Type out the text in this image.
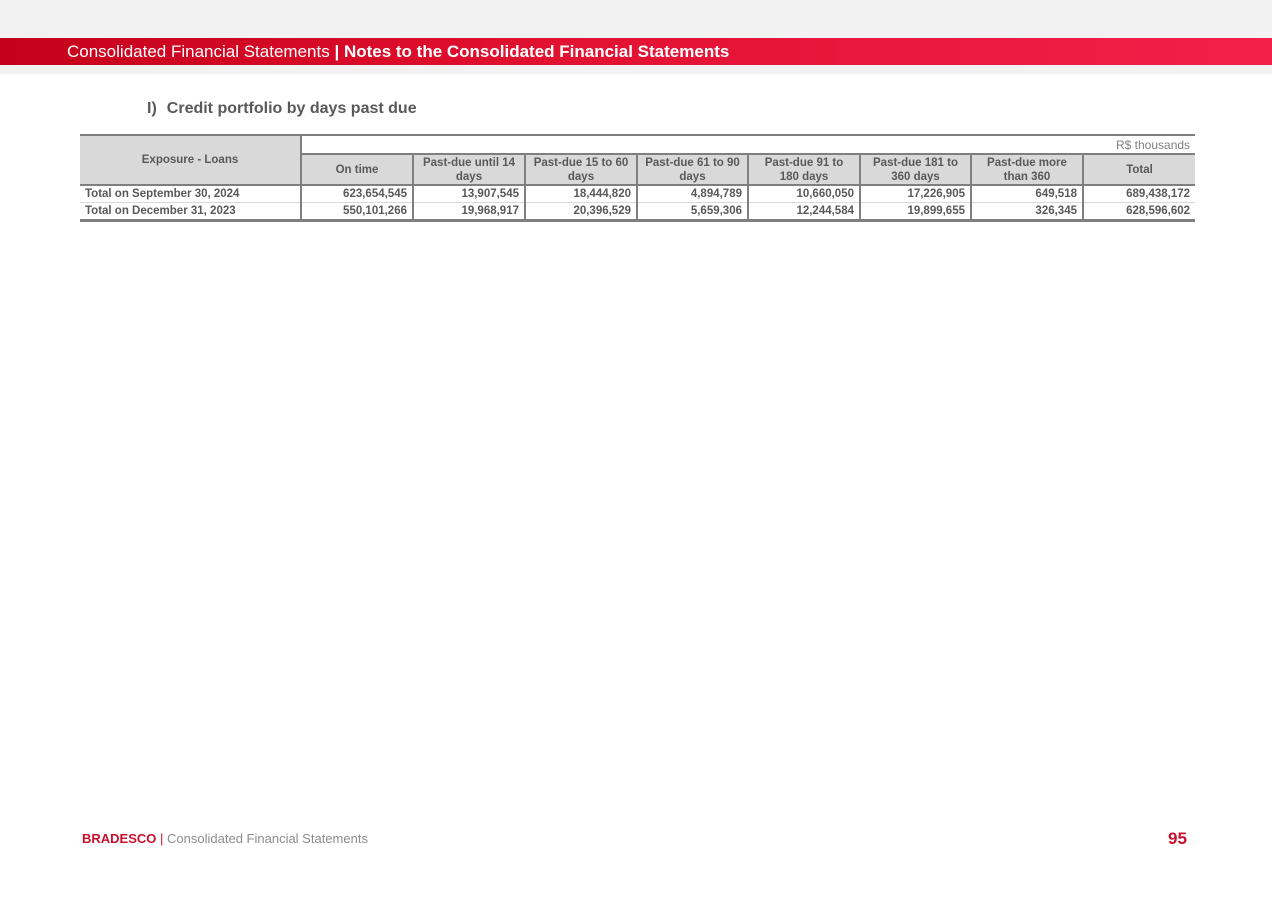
Consolidated Financial Statements | Notes to the Consolidated Financial Statements
I) Credit portfolio by days past due
Exposure - Loans	R$ thousands							
	On time	Past-due until 14 days	Past-due 15 to 60 days	Past-due 61 to 90 days	Past-due 91 to 180 days	Past-due 181 to 360 days	Past-due more than 360	Total
Total on September 30, 2024	623,654,545	13,907,545	18,444,820	4,894,789	10,660,050	17,226,905	649,518	689,438,172
Total on December 31, 2023	550,101,266	19,968,917	20,396,529	5,659,306	12,244,584	19,899,655	326,345	628,596,602
BRADESCO | Consolidated Financial Statements	95
